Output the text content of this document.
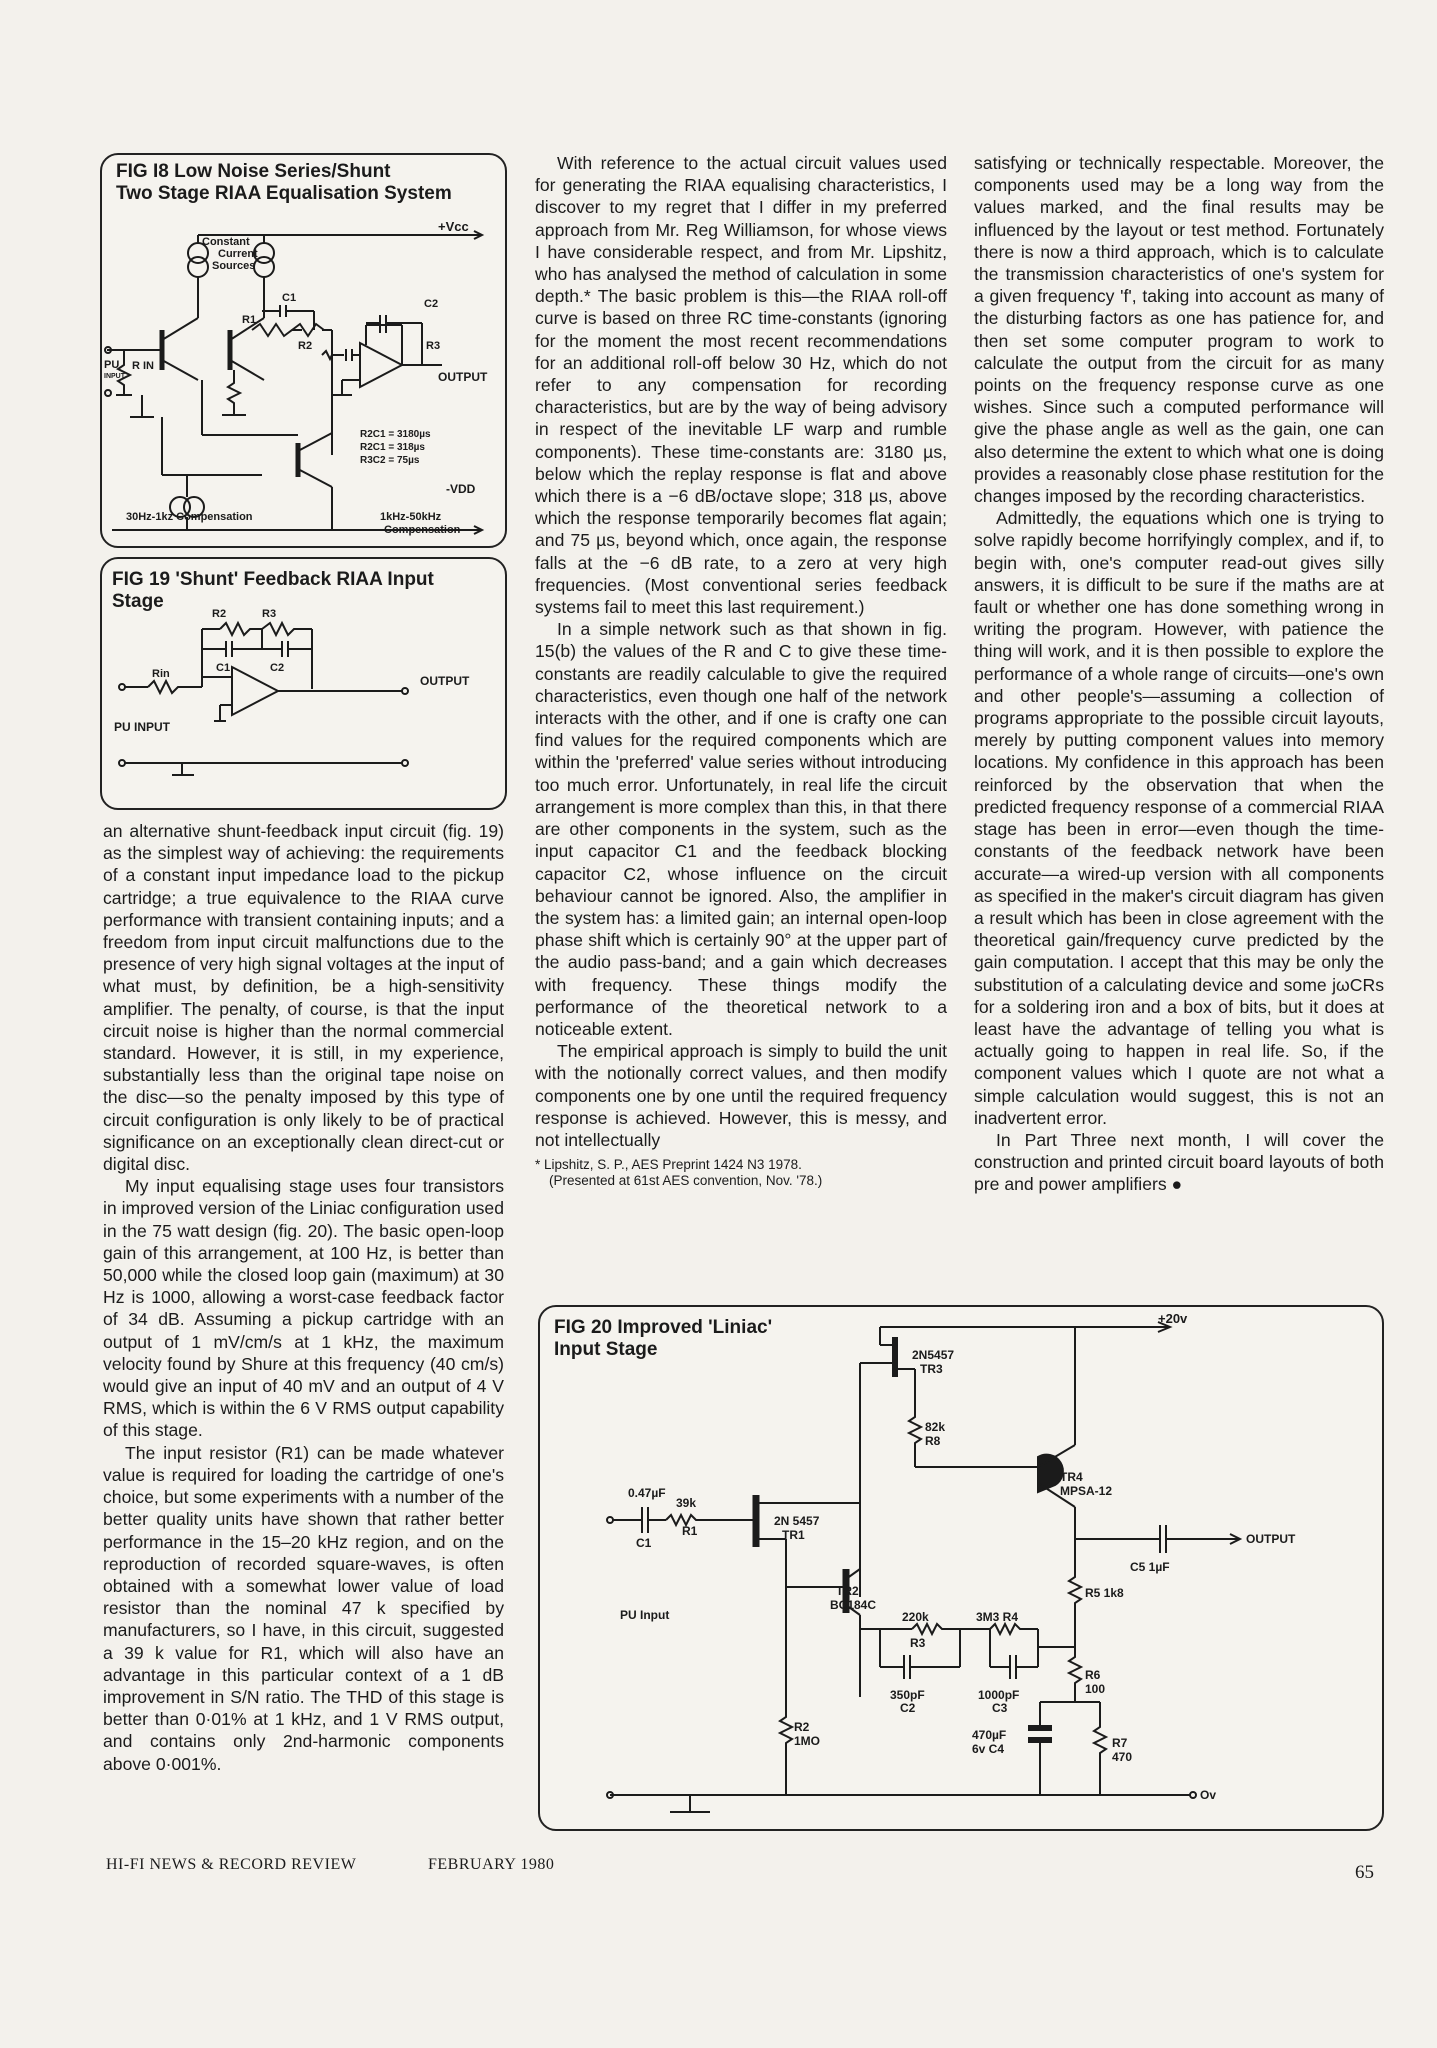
FIG I8 Low Noise Series/Shunt
Two Stage RIAA Equalisation System
Constant
Current
Sources
+Vcc
C1	C2
R1
R2	R3
PU
INPUT
R IN
OUTPUT
R2C1 = 3180µs
R2C1 = 318µs
R3C2 = 75µs
-VDD
30Hz-1kz Compensation	1kHz-50kHz
Compensation
FIG 19 'Shunt' Feedback RIAA Input
Stage
R2	R3
C1	C2
Rin	OUTPUT
PU INPUT

an alternative shunt-feedback input circuit (fig. 19) as the simplest way of achieving: the requirements of a constant input impedance load to the pickup cartridge; a true equivalence to the RIAA curve performance with transient containing inputs; and a freedom from input circuit malfunctions due to the presence of very high signal voltages at the input of what must, by definition, be a high-sensitivity amplifier. The penalty, of course, is that the input circuit noise is higher than the normal commercial standard. However, it is still, in my experience, substantially less than the original tape noise on the disc—so the penalty imposed by this type of circuit configuration is only likely to be of practical significance on an exceptionally clean direct-cut or digital disc.

My input equalising stage uses four transistors in improved version of the Liniac configuration used in the 75 watt design (fig. 20). The basic open-loop gain of this arrangement, at 100 Hz, is better than 50,000 while the closed loop gain (maximum) at 30 Hz is 1000, allowing a worst-case feedback factor of 34 dB. Assuming a pickup cartridge with an output of 1 mV/cm/s at 1 kHz, the maximum velocity found by Shure at this frequency (40 cm/s) would give an input of 40 mV and an output of 4 V RMS, which is within the 6 V RMS output capability of this stage.

The input resistor (R1) can be made whatever value is required for loading the cartridge of one's choice, but some experiments with a number of the better quality units have shown that rather better performance in the 15–20 kHz region, and on the reproduction of recorded square-waves, is often obtained with a somewhat lower value of load resistor than the nominal 47 k specified by manufacturers, so I have, in this circuit, suggested a 39 k value for R1, which will also have an advantage in this particular context of a 1 dB improvement in S/N ratio. The THD of this stage is better than 0·01% at 1 kHz, and 1 V RMS output, and contains only 2nd-harmonic components above 0·001%.

With reference to the actual circuit values used for generating the RIAA equalising characteristics, I discover to my regret that I differ in my preferred approach from Mr. Reg Williamson, for whose views I have considerable respect, and from Mr. Lipshitz, who has analysed the method of calculation in some depth.* The basic problem is this—the RIAA roll-off curve is based on three RC time-constants (ignoring for the moment the most recent recommendations for an additional roll-off below 30 Hz, which do not refer to any compensation for recording characteristics, but are by the way of being advisory in respect of the inevitable LF warp and rumble components). These time-constants are: 3180 µs, below which the replay response is flat and above which there is a −6 dB/octave slope; 318 µs, above which the response temporarily becomes flat again; and 75 µs, beyond which, once again, the response falls at the −6 dB rate, to a zero at very high frequencies. (Most conventional series feedback systems fail to meet this last requirement.)

In a simple network such as that shown in fig. 15(b) the values of the R and C to give these time-constants are readily calculable to give the required characteristics, even though one half of the network interacts with the other, and if one is crafty one can find values for the required components which are within the 'preferred' value series without introducing too much error. Unfortunately, in real life the circuit arrangement is more complex than this, in that there are other components in the system, such as the input capacitor C1 and the feedback blocking capacitor C2, whose influence on the circuit behaviour cannot be ignored. Also, the amplifier in the system has: a limited gain; an internal open-loop phase shift which is certainly 90° at the upper part of the audio pass-band; and a gain which decreases with frequency. These things modify the performance of the theoretical network to a noticeable extent.

The empirical approach is simply to build the unit with the notionally correct values, and then modify components one by one until the required frequency response is achieved. However, this is messy, and not intellectually

* Lipshitz, S. P., AES Preprint 1424 N3 1978.

(Presented at 61st AES convention, Nov. '78.)

satisfying or technically respectable. Moreover, the components used may be a long way from the values marked, and the final results may be influenced by the layout or test method. Fortunately there is now a third approach, which is to calculate the transmission characteristics of one's system for a given frequency 'f', taking into account as many of the disturbing factors as one has patience for, and then set some computer program to work to calculate the output from the circuit for as many points on the frequency response curve as one wishes. Since such a computed performance will give the phase angle as well as the gain, one can also determine the extent to which what one is doing provides a reasonably close phase restitution for the changes imposed by the recording characteristics.

Admittedly, the equations which one is trying to solve rapidly become horrifyingly complex, and if, to begin with, one's computer read-out gives silly answers, it is difficult to be sure if the maths are at fault or whether one has done something wrong in writing the program. However, with patience the thing will work, and it is then possible to explore the performance of a whole range of circuits—one's own and other people's—assuming a collection of programs appropriate to the possible circuit layouts, merely by putting component values into memory locations. My confidence in this approach has been reinforced by the observation that when the predicted frequency response of a commercial RIAA stage has been in error—even though the time-constants of the feedback network have been accurate—a wired-up version with all components as specified in the maker's circuit diagram has given a result which has been in close agreement with the theoretical gain/frequency curve predicted by the gain computation. I accept that this may be only the substitution of a calculating device and some jωCRs for a soldering iron and a box of bits, but it does at least have the advantage of telling you what is actually going to happen in real life. So, if the component values which I quote are not what a simple calculation would suggest, this is not an inadvertent error.

In Part Three next month, I will cover the construction and printed circuit board layouts of both pre and power amplifiers ●

FIG 20 Improved 'Liniac'
Input Stage
+20v
2N5457
TR3
82k
R8
0.47µF
C1
39k
R1
2N 5457
TR1
TR4
MPSA-12
OUTPUT
C5 1µF
R5 1k8
TR2
BC184C
220k
R3
3M3 R4
PU Input
350pF
C2
1000pF
C3
R6
100
R2
1MO	470µF
6v C4	R7
470
Ov
HI-FI NEWS & RECORD REVIEW	FEBRUARY 1980	65
